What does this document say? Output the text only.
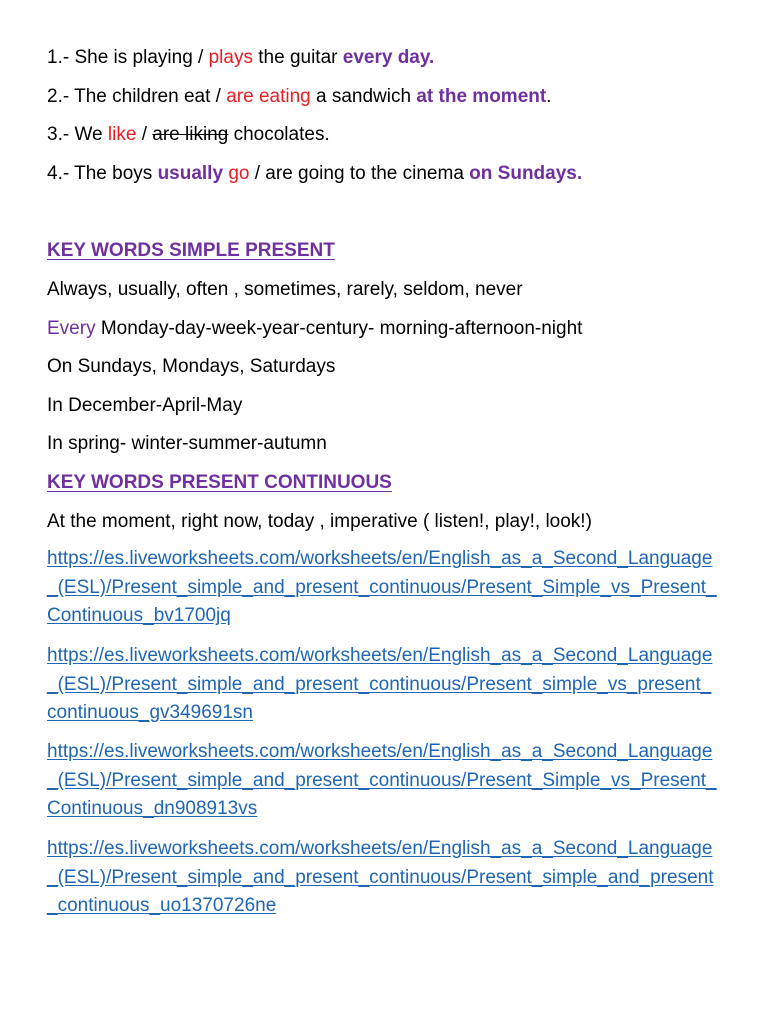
1.- She is playing / plays the guitar every day.
2.- The children eat / are eating a sandwich at the moment.
3.- We like / are liking chocolates.
4.- The boys usually go / are going to the cinema on Sundays.
KEY WORDS SIMPLE PRESENT
Always, usually, often , sometimes, rarely, seldom, never
Every Monday-day-week-year-century- morning-afternoon-night
On Sundays, Mondays, Saturdays
In December-April-May
In spring- winter-summer-autumn
KEY WORDS PRESENT CONTINUOUS
At the moment, right now, today , imperative ( listen!, play!, look!)
https://es.liveworksheets.com/worksheets/en/English_as_a_Second_Language_(ESL)/Present_simple_and_present_continuous/Present_Simple_vs_Present_Continuous_bv1700jq
https://es.liveworksheets.com/worksheets/en/English_as_a_Second_Language_(ESL)/Present_simple_and_present_continuous/Present_simple_vs_present_continuous_gv349691sn
https://es.liveworksheets.com/worksheets/en/English_as_a_Second_Language_(ESL)/Present_simple_and_present_continuous/Present_Simple_vs_Present_Continuous_dn908913vs
https://es.liveworksheets.com/worksheets/en/English_as_a_Second_Language_(ESL)/Present_simple_and_present_continuous/Present_simple_and_present_continuous_uo1370726ne
